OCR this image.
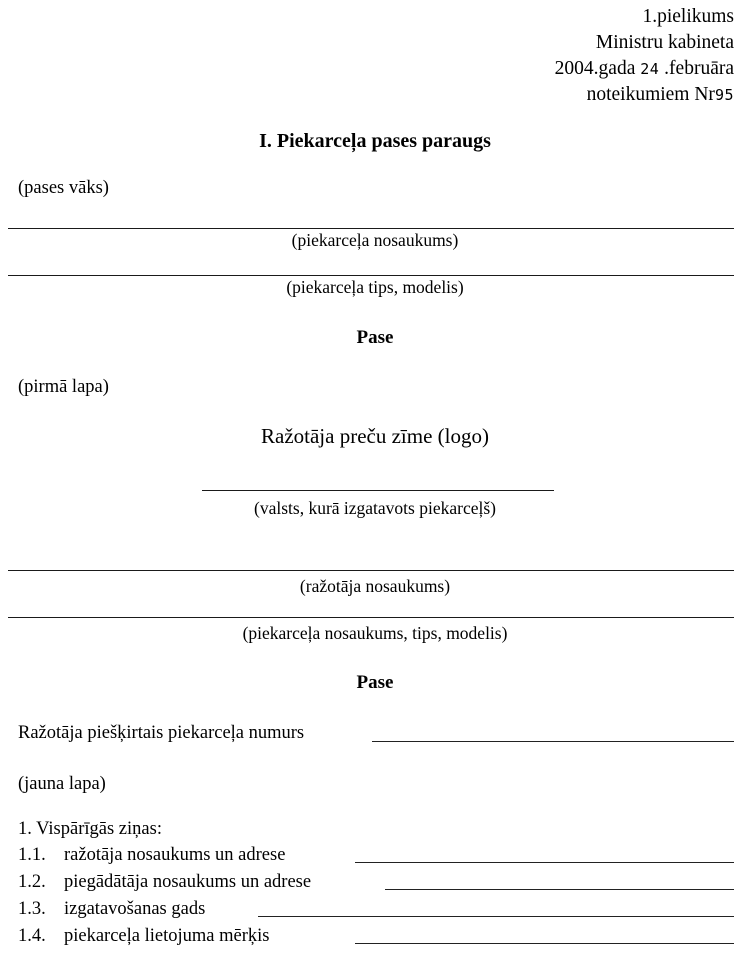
1.pielikums
Ministru kabineta
2004.gada 24 .februāra
noteikumiem Nr95
I. Piekarceļa pases paraugs
(pases vāks)
(piekarceļa nosaukums)
(piekarceļa tips, modelis)
Pase
(pirmā lapa)
Ražotāja preču zīme (logo)
(valsts, kurā izgatavots piekarceļš)
(ražotāja nosaukums)
(piekarceļa nosaukums, tips, modelis)
Pase
Ražotāja piešķirtais piekarceļa numurs
(jauna lapa)
1. Vispārīgās ziņas:
1.1. ražotāja nosaukums un adrese
1.2. piegādātāja nosaukums un adrese
1.3. izgatavošanas gads
1.4. piekarceļa lietojuma mērķis
